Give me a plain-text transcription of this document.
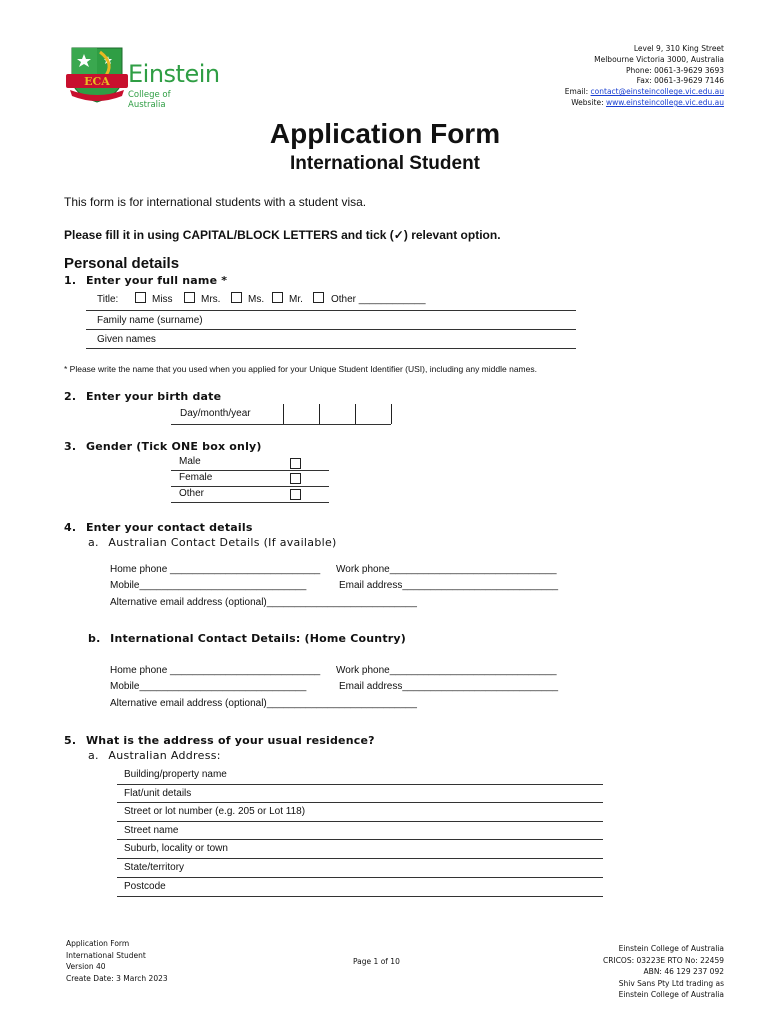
ECA Einstein
College of Australia
Level 9, 310 King Street
Melbourne Victoria 3000, Australia
Phone: 0061-3-9629 3693
Fax: 0061-3-9629 7146
Email: contact@einsteincollege.vic.edu.au
Website: www.einsteincollege.vic.edu.au
Application Form
International Student
This form is for international students with a student visa.
Please fill it in using CAPITAL/BLOCK LETTERS and tick (✓) relevant option.
Personal details
1.  Enter your full name *
Title:	Miss	Mrs.	Ms. Mr.	Other ____________
Family name (surname)
Given names
* Please write the name that you used when you applied for your Unique Student Identifier (USI), including any middle names.
2.  Enter your birth date
Day/month/year
3.  Gender (Tick ONE box only)
Male
Female
Other
4.  Enter your contact details
a.  Australian Contact Details (If available)
Home phone ___________________________ Work phone______________________________
Mobile______________________________	Email address____________________________
Alternative email address (optional)___________________________
b.  International Contact Details: (Home Country)
Home phone ___________________________ Work phone______________________________
Mobile______________________________	Email address____________________________
Alternative email address (optional)___________________________
5.  What is the address of your usual residence?
a.  Australian Address:
Building/property name
Flat/unit details
Street or lot number (e.g. 205 or Lot 118)
Street name
Suburb, locality or town
State/territory
Postcode
Application Form
International Student
Version 40
Create Date: 3 March 2023
Page 1 of 10
Einstein College of Australia
CRICOS: 03223E RTO No: 22459
ABN: 46 129 237 092
Shiv Sans Pty Ltd trading as
Einstein College of Australia
